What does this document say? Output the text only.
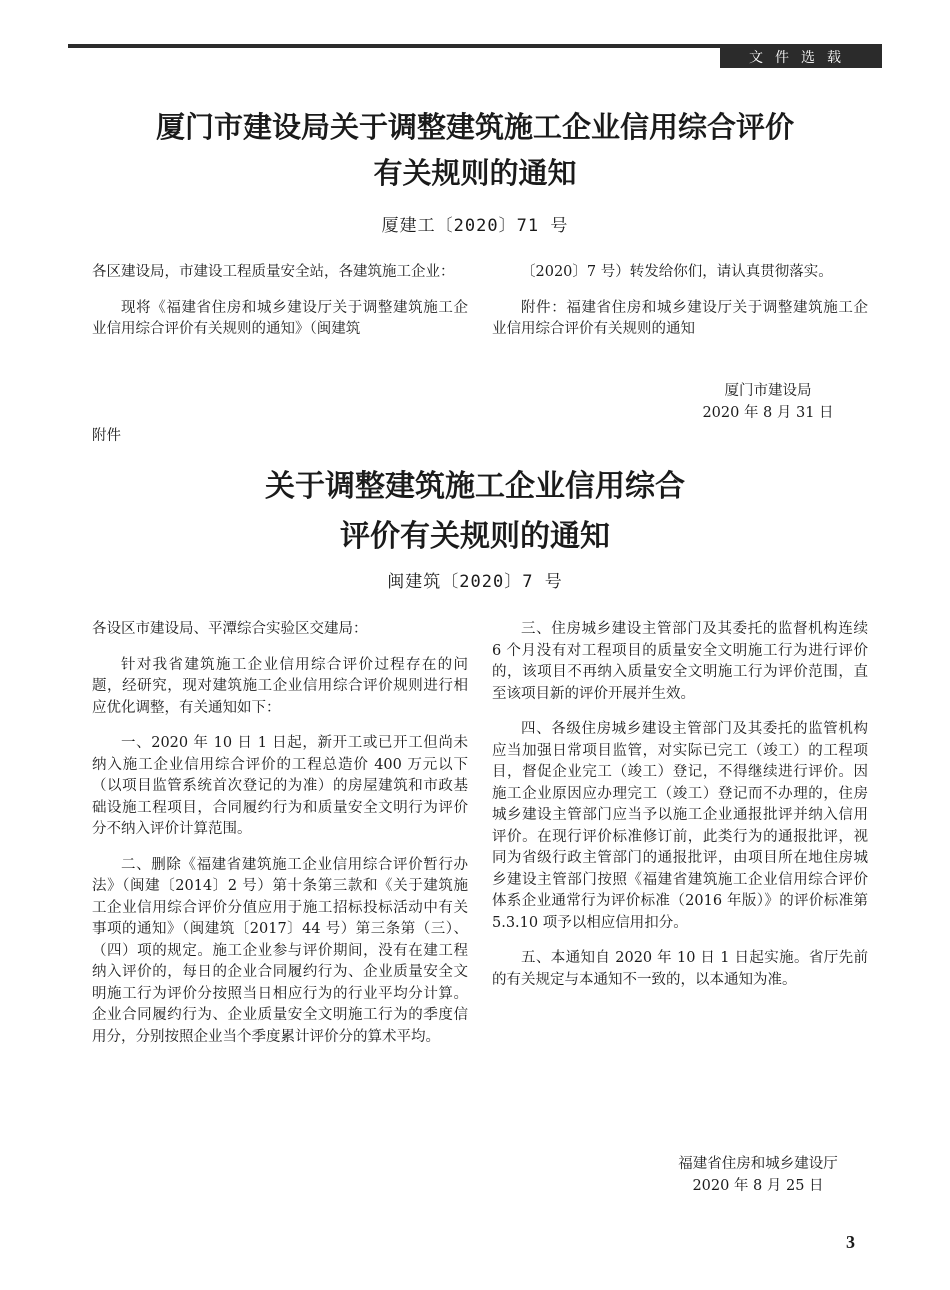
文件选载
厦门市建设局关于调整建筑施工企业信用综合评价
有关规则的通知
厦建工〔2020〕71 号

各区建设局，市建设工程质量安全站，各建筑施工企业：

现将《福建省住房和城乡建设厅关于调整建筑施工企业信用综合评价有关规则的通知》（闽建筑

〔2020〕7 号）转发给你们，请认真贯彻落实。

附件：福建省住房和城乡建设厅关于调整建筑施工企业信用综合评价有关规则的通知

厦门市建设局
2020 年 8 月 31 日
附件
关于调整建筑施工企业信用综合
评价有关规则的通知
闽建筑〔2020〕7 号

各设区市建设局、平潭综合实验区交建局：

针对我省建筑施工企业信用综合评价过程存在的问题，经研究，现对建筑施工企业信用综合评价规则进行相应优化调整，有关通知如下：

一、2020 年 10 日 1 日起，新开工或已开工但尚未纳入施工企业信用综合评价的工程总造价 400 万元以下（以项目监管系统首次登记的为准）的房屋建筑和市政基础设施工程项目，合同履约行为和质量安全文明行为评价分不纳入评价计算范围。

二、删除《福建省建筑施工企业信用综合评价暂行办法》（闽建〔2014〕2 号）第十条第三款和《关于建筑施工企业信用综合评价分值应用于施工招标投标活动中有关事项的通知》（闽建筑〔2017〕44 号）第三条第（三）、（四）项的规定。施工企业参与评价期间，没有在建工程纳入评价的，每日的企业合同履约行为、企业质量安全文明施工行为评价分按照当日相应行为的行业平均分计算。企业合同履约行为、企业质量安全文明施工行为的季度信用分，分别按照企业当个季度累计评价分的算术平均。

三、住房城乡建设主管部门及其委托的监督机构连续 6 个月没有对工程项目的质量安全文明施工行为进行评价的，该项目不再纳入质量安全文明施工行为评价范围，直至该项目新的评价开展并生效。

四、各级住房城乡建设主管部门及其委托的监管机构应当加强日常项目监管，对实际已完工（竣工）的工程项目，督促企业完工（竣工）登记，不得继续进行评价。因施工企业原因应办理完工（竣工）登记而不办理的，住房城乡建设主管部门应当予以施工企业通报批评并纳入信用评价。在现行评价标准修订前，此类行为的通报批评，视同为省级行政主管部门的通报批评，由项目所在地住房城乡建设主管部门按照《福建省建筑施工企业信用综合评价体系企业通常行为评价标准（2016 年版）》的评价标准第 5.3.10 项予以相应信用扣分。

五、本通知自 2020 年 10 日 1 日起实施。省厅先前的有关规定与本通知不一致的，以本通知为准。

福建省住房和城乡建设厅
2020 年 8 月 25 日
3
